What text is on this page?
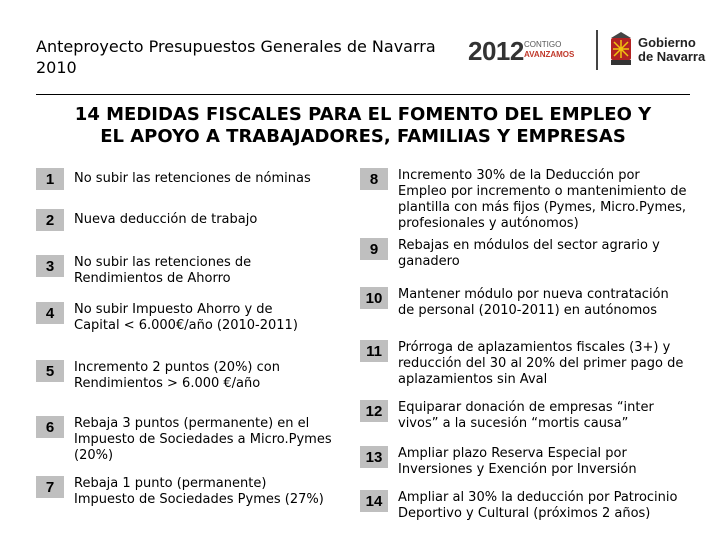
Anteproyecto Presupuestos Generales de Navarra
2010
2012 CONTIGO
AVANZAMOS
Gobierno
de Navarra
14 MEDIDAS FISCALES PARA EL FOMENTO DEL EMPLEO Y
EL APOYO A TRABAJADORES, FAMILIAS Y EMPRESAS
1	No subir las retenciones de nóminas
2	Nueva deducción de trabajo
3	No subir las retenciones de
Rendimientos de Ahorro
4	No subir Impuesto Ahorro y de
Capital < 6.000€/año (2010-2011)
5	Incremento 2 puntos (20%) con
Rendimientos > 6.000 €/año
6	Rebaja 3 puntos (permanente) en el
Impuesto de Sociedades a Micro.Pymes
(20%)
7	Rebaja 1 punto (permanente)
Impuesto de Sociedades Pymes (27%)
8	Incremento 30% de la Deducción por
Empleo por incremento o mantenimiento de
plantilla con más fijos (Pymes, Micro.Pymes,
profesionales y autónomos)
9	Rebajas en módulos del sector agrario y
ganadero
10	Mantener módulo por nueva contratación
de personal (2010-2011) en autónomos
11	Prórroga de aplazamientos fiscales (3+) y
reducción del 30 al 20% del primer pago de
aplazamientos sin Aval
12	Equiparar donación de empresas “inter
vivos” a la sucesión “mortis causa”
13	Ampliar plazo Reserva Especial por
Inversiones y Exención por Inversión
14	Ampliar al 30% la deducción por Patrocinio
Deportivo y Cultural (próximos 2 años)
